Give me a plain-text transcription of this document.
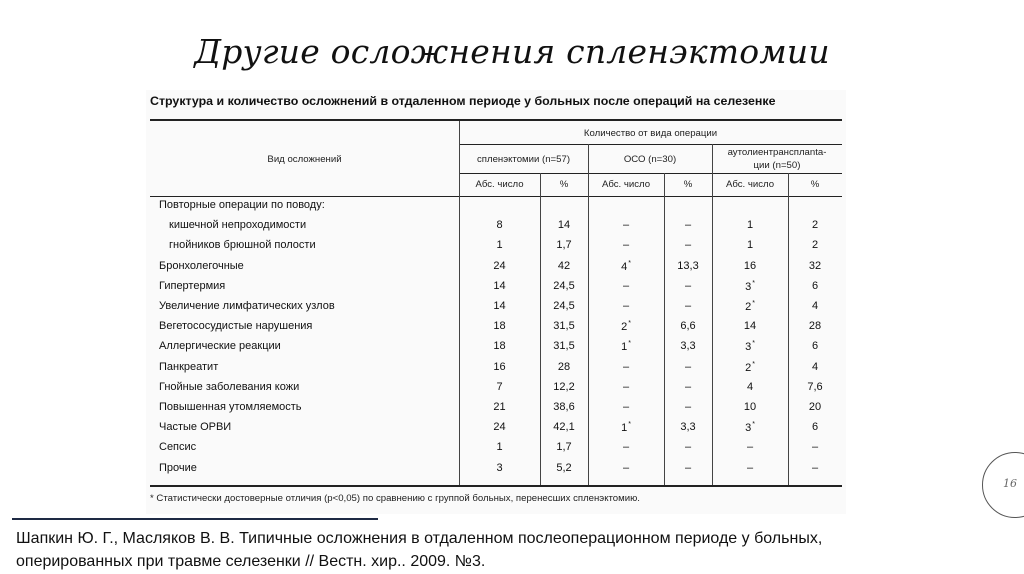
Другие осложнения спленэктомии
Структура и количество осложнений в отдаленном периоде у больных после операций на селезенке
Вид осложнений
Количество от вида операции
спленэктомии (n=57)	ОСО (n=30)
аутолиентрансплanta-
ции (n=50)
Абс. число	%	Абс. число	%	Абс. число	%
Повторные операции по поводу:
кишечной непроходимости	8	14	–	–	1	2
гнойников брюшной полости	1	1,7	–	–	1	2
Бронхолегочные	24	42	4*	13,3	16	32
Гипертермия	14	24,5	–	–	3*	6
Увеличение лимфатических узлов	14	24,5	–	–	2*	4
Вегетососудистые нарушения	18	31,5	2*	6,6	14	28
Аллергические реакции	18	31,5	1*	3,3	3*	6
Панкреатит	16	28	–	–	2*	4
Гнойные заболевания кожи	7	12,2	–	–	4	7,6
Повышенная утомляемость	21	38,6	–	–	10	20
Частые ОРВИ	24	42,1	1*	3,3	3*	6
Сепсис	1	1,7	–	–	–	–
Прочие	3	5,2	–	–	–	–
* Статистически достоверные отличия (p<0,05) по сравнению с группой больных, перенесших спленэктомию.
16
Шапкин Ю. Г., Масляков В. В. Типичные осложнения в отдаленном послеоперационном периоде у больных,
оперированных при травме селезенки // Вестн. хир.. 2009. №3.
